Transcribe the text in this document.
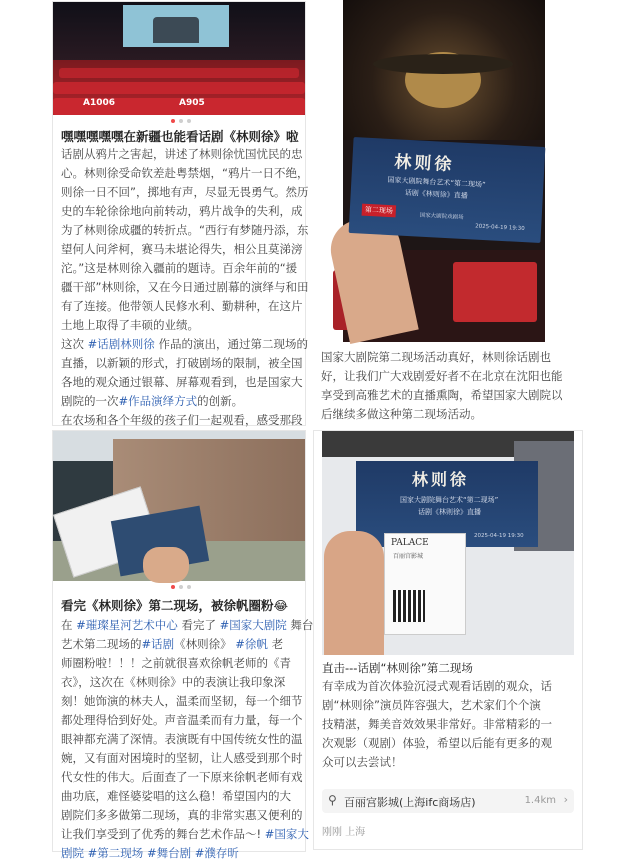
A1006	A905
嘿嘿嘿嘿嘿在新疆也能看话剧《林则徐》啦
话剧从鸦片之害起，讲述了林则徐忧国忧民的忠
心。林则徐受命钦差赴粤禁烟，“鸦片一日不绝，
则徐一日不回”，掷地有声，尽显无畏勇气。然历
史的车轮徐徐地向前转动，鸦片战争的失利，成
为了林则徐成疆的转折点。“西行有梦随丹添，东
望何人问斧柯，赛马未堪论得失，相公且莫涕滂
沱。”这是林则徐入疆前的题诗。百余年前的“援
疆干部”林则徐，又在今日通过剧幕的演绎与和田
有了连接。他带领人民修水利、勤耕种，在这片
土地上取得了丰硕的业绩。
这次 #话剧林则徐 作品的演出，通过第二现场的
直播，以新颖的形式，打破剧场的限制，被全国
各地的观众通过银幕、屏幕观看到，也是国家大
剧院的一次#作品演绎方式的创新。
在农场和各个年级的孩子们一起观看，感受那段
林则徐
国家大剧院舞台艺术“第二现场”
话剧《林则徐》直播
国家大剧院戏剧场
2025-04-19 19:30
第二现场
国家大剧院第二现场活动真好，林则徐话剧也
好，让我们广大戏剧爱好者不在北京在沈阳也能
享受到高雅艺术的直播熏陶，希望国家大剧院以
后继续多做这种第二现场活动。
看完《林则徐》第二现场，被徐帆圈粉😂
在 #璀璨星河艺术中心 看完了 #国家大剧院 舞台
艺术第二现场的#话剧《林则徐》 #徐帆 老
师圈粉啦！！！之前就很喜欢徐帆老师的《青
衣》，这次在《林则徐》中的表演让我印象深
刻！她饰演的林夫人，温柔而坚韧，每一个细节
都处理得恰到好处。声音温柔而有力量，每一个
眼神都充满了深情。表演既有中国传统女性的温
婉，又有面对困境时的坚韧，让人感受到那个时
代女性的伟大。后面查了一下原来徐帆老师有戏
曲功底，难怪婆娑唱的这么稳！希望国内的大
剧院们多多做第二现场，真的非常实惠又便利的
让我们享受到了优秀的舞台艺术作品～! #国家大
剧院 #第二现场 #舞台剧 #濮存昕
林则徐
国家大剧院舞台艺术“第二现场”
话剧《林则徐》直播
2025-04-19 19:30
PALACE
百丽宫影城
直击---话剧“林则徐”第二现场
有幸成为首次体验沉浸式观看话剧的观众，话
剧“林则徐”演员阵容强大，艺术家们个个演
技精湛，舞美音效效果非常好。非常精彩的一
次观影（观剧）体验，希望以后能有更多的观
众可以去尝试！
⚲ 百丽宫影城(上海ifc商场店)	1.4km ›
刚刚 上海
